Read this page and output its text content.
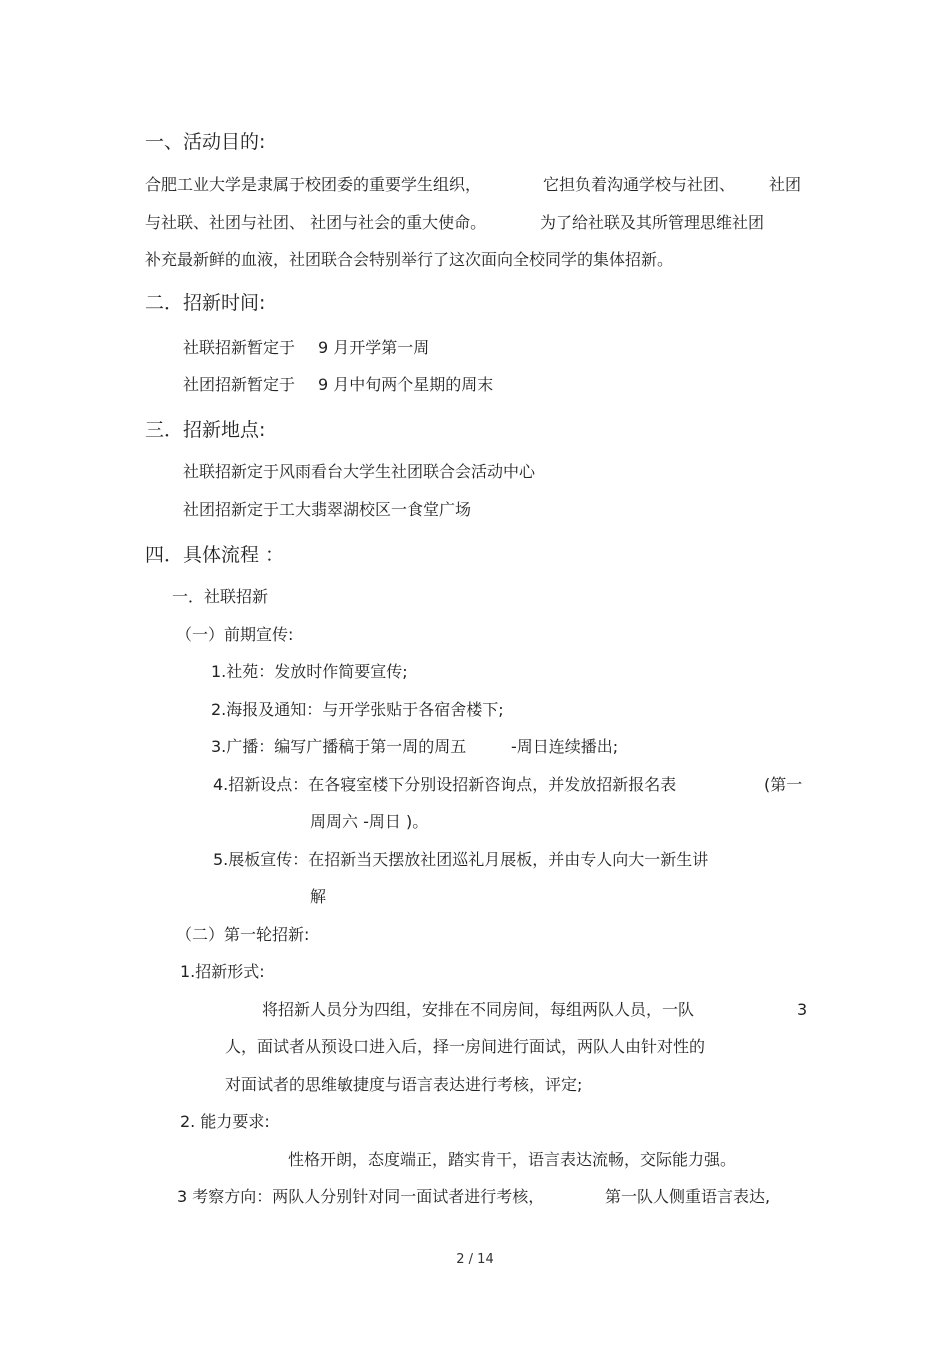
一、活动目的:
合肥工业大学是隶属于校团委的重要学生组织，	它担负着沟通学校与社团、 社团
与社联、社团与社团、 社团与社会的重大使命。	为了给社联及其所管理思维社团
补充最新鲜的血液，社团联合会特别举行了这次面向全校同学的集体招新。
二．招新时间:
社联招新暂定于 9 月开学第一周
社团招新暂定于 9 月中旬两个星期的周末
三．招新地点:
社联招新定于风雨看台大学生社团联合会活动中心
社团招新定于工大翡翠湖校区一食堂广场
四．具体流程 ：
一．社联招新
（一）前期宣传:
1.社苑：发放时作简要宣传;
2.海报及通知：与开学张贴于各宿舍楼下;
3.广播：编写广播稿于第一周的周五	-周日连续播出;
4.招新设点：在各寝室楼下分别设招新咨询点，并发放招新报名表	(第一
周周六 -周日 )。
5.展板宣传：在招新当天摆放社团巡礼月展板，并由专人向大一新生讲
解
（二）第一轮招新:
1.招新形式:
将招新人员分为四组，安排在不同房间，每组两队人员，一队	3
人，面试者从预设口进入后，择一房间进行面试，两队人由针对性的
对面试者的思维敏捷度与语言表达进行考核，评定;
2. 能力要求:
性格开朗，态度端正，踏实肯干，语言表达流畅，交际能力强。
3 考察方向：两队人分别针对同一面试者进行考核，	第一队人侧重语言表达,
2 / 14
